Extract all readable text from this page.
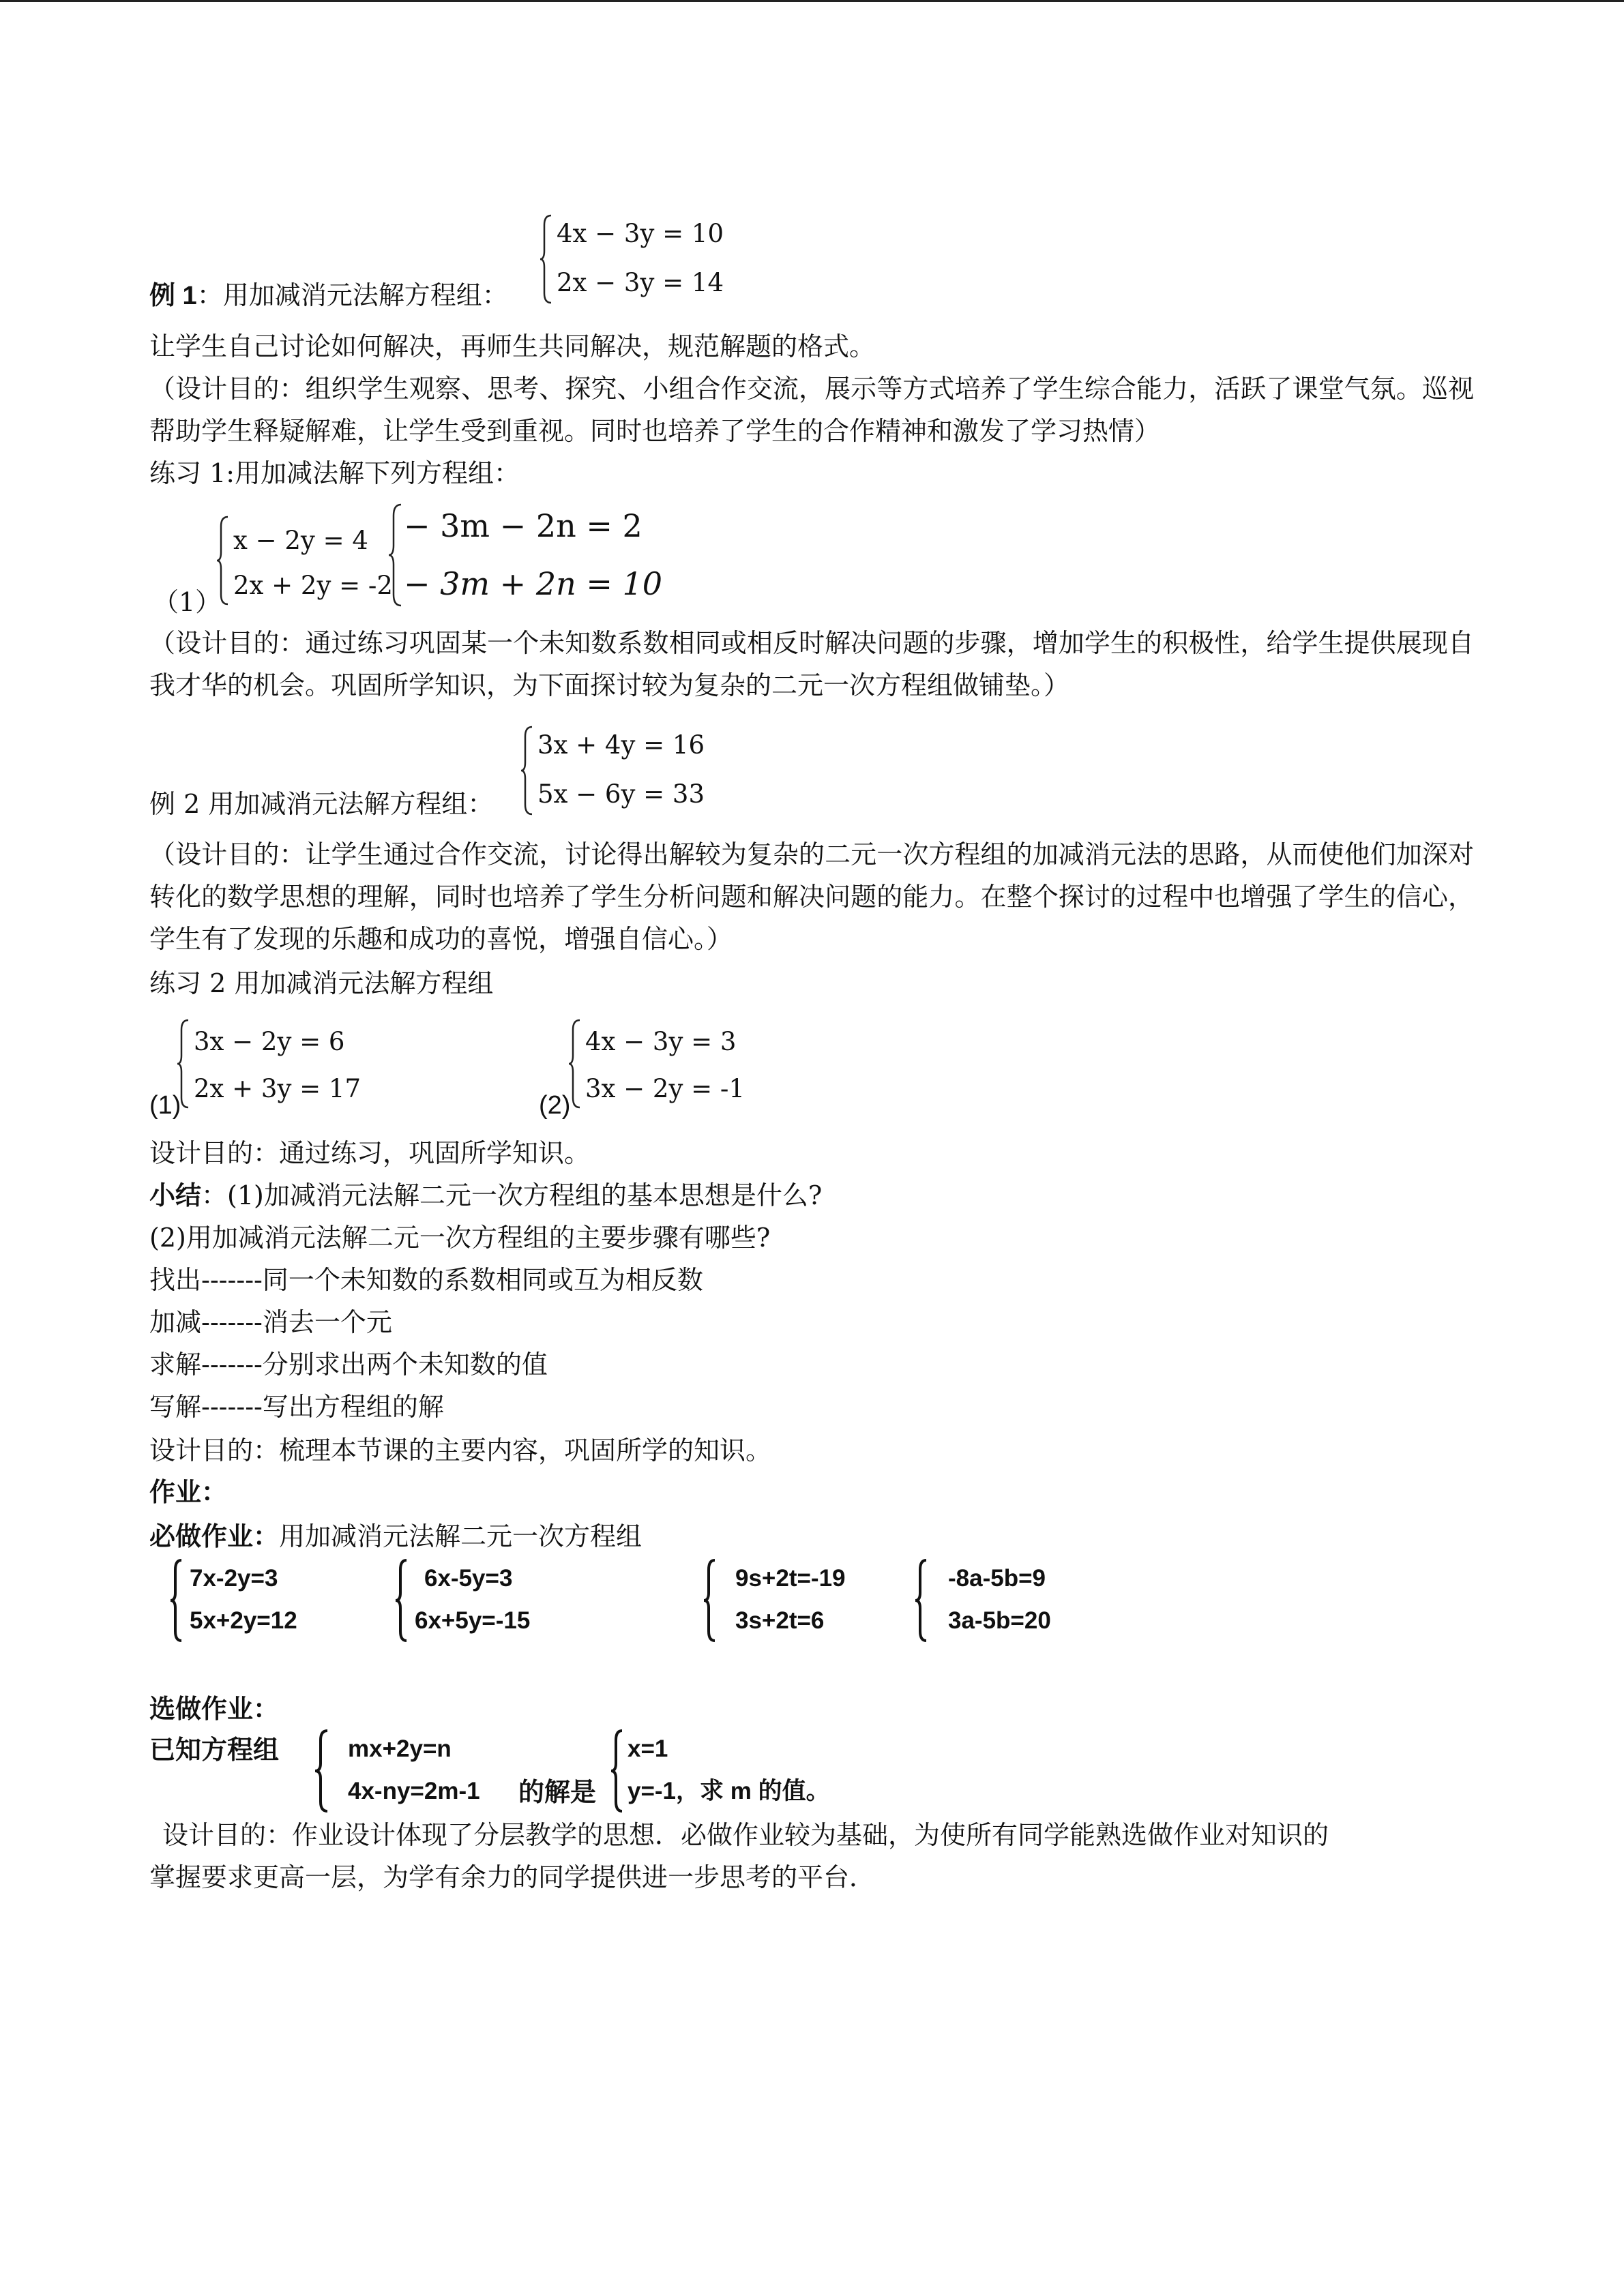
例 1：用加减消元法解方程组：
4x − 3y = 10
2x − 3y = 14
让学生自己讨论如何解决，再师生共同解决，规范解题的格式。
（设计目的：组织学生观察、思考、探究、小组合作交流，展示等方式培养了学生综合能力，活跃了课堂气氛。巡视帮助学生释疑解难，让学生受到重视。同时也培养了学生的合作精神和激发了学习热情）
练习 1:用加减法解下列方程组：
（1）
x − 2y = 4
2x + 2y = -2
− 3m − 2n = 2
− 3m + 2n = 10
（设计目的：通过练习巩固某一个未知数系数相同或相反时解决问题的步骤，增加学生的积极性，给学生提供展现自我才华的机会。巩固所学知识，为下面探讨较为复杂的二元一次方程组做铺垫。）
例 2 用加减消元法解方程组：
3x + 4y = 16
5x − 6y = 33
（设计目的：让学生通过合作交流，讨论得出解较为复杂的二元一次方程组的加减消元法的思路，从而使他们加深对转化的数学思想的理解，同时也培养了学生分析问题和解决问题的能力。在整个探讨的过程中也增强了学生的信心，学生有了发现的乐趣和成功的喜悦，增强自信心。）
练习 2 用加减消元法解方程组
(1)
3x − 2y = 6
2x + 3y = 17
(2)
4x − 3y = 3
3x − 2y = -1
设计目的：通过练习，巩固所学知识。
小结：(1)加减消元法解二元一次方程组的基本思想是什么?
(2)用加减消元法解二元一次方程组的主要步骤有哪些?
找出-------同一个未知数的系数相同或互为相反数
加减-------消去一个元
求解-------分别求出两个未知数的值
写解-------写出方程组的解
设计目的：梳理本节课的主要内容，巩固所学的知识。
作业：
必做作业：用加减消元法解二元一次方程组
7x-2y=3
5x+2y=12
6x-5y=3
6x+5y=-15
9s+2t=-19
3s+2t=6
-8a-5b=9
3a-5b=20
选做作业：
已知方程组	mx+2y=n
4x-ny=2m-1 的解是
x=1
y=-1，求 m 的值。
设计目的：作业设计体现了分层教学的思想．必做作业较为基础，为使所有同学能熟选做作业对知识的
掌握要求更高一层，为学有余力的同学提供进一步思考的平台．
